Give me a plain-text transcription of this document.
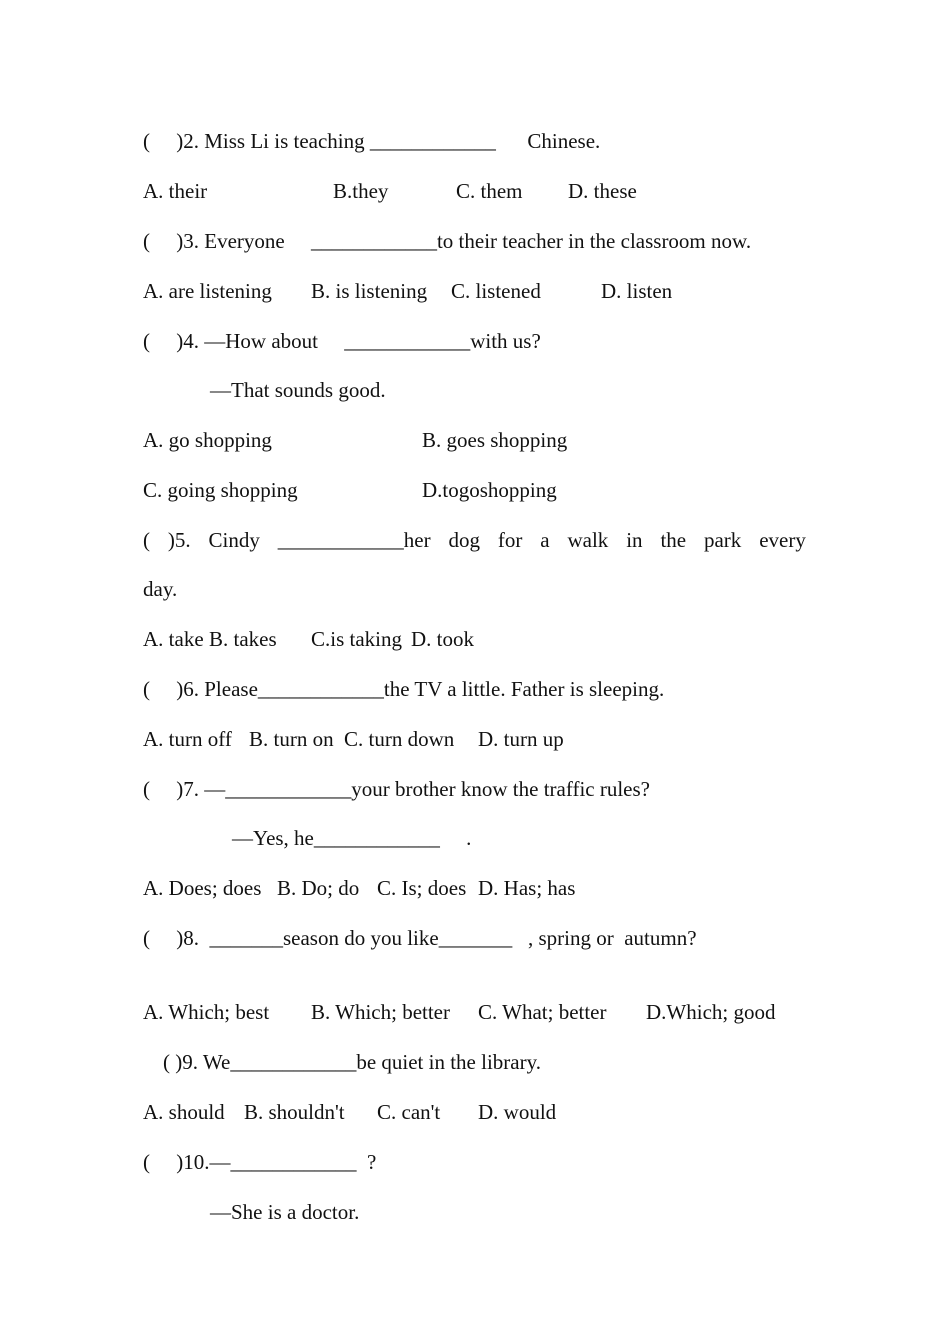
(     )2. Miss Li is teaching ____________      Chinese.
A. their	B.they	C. them D. these
(     )3. Everyone     ____________to their teacher in the classroom now.
A. are listening B. is listening C. listened	D. listen
(     )4. —How about     ____________with us?
—That sounds good.
A. go shopping	B. goes shopping
C. going shopping	D.togoshopping
( )5. Cindy ____________her dog for a walk in the park every
day.
A. take B. takes C.is taking D. took
(     )6. Please____________the TV a little. Father is sleeping.
A. turn off B. turn on C. turn down D. turn up
(     )7. —____________your brother know the traffic rules?
—Yes, he____________     .
A. Does; does B. Do; do C. Is; does D. Has; has
(     )8.  _______season do you like_______   , spring or  autumn?
A. Which; best B. Which; better C. What; better D.Which; good
( )9. We____________be quiet in the library.
A. should B. shouldn't C. can't D. would
(     )10.—____________  ?
—She is a doctor.
